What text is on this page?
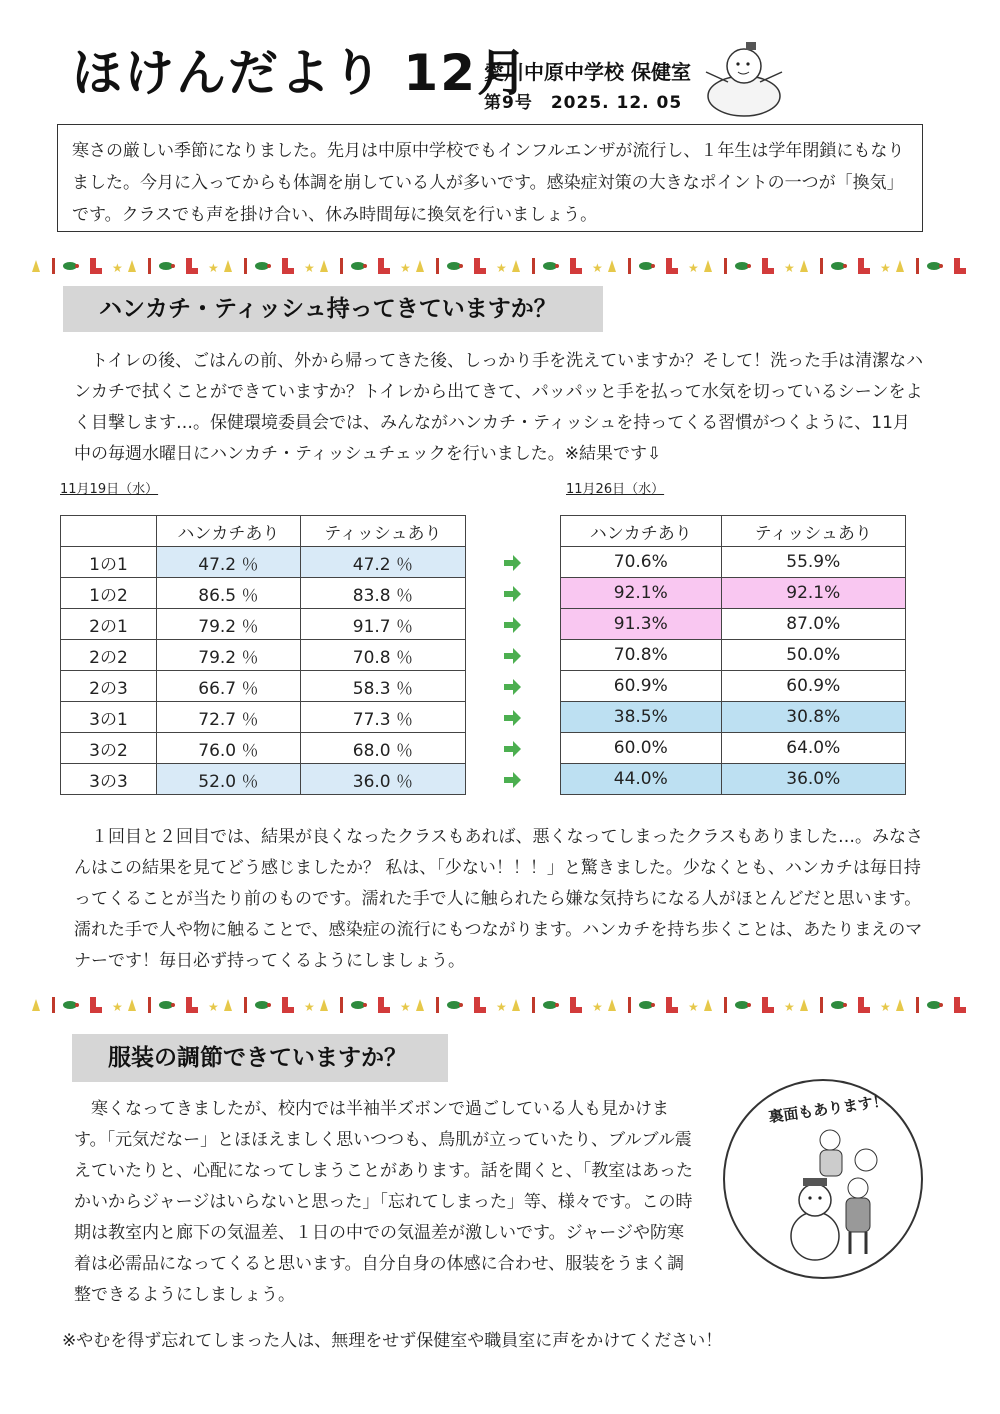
ほけんだより 12月
愛川中原中学校 保健室
第9号　2025. 12. 05
寒さの厳しい季節になりました。先月は中原中学校でもインフルエンザが流行し、１年生は学年閉鎖にもなりました。今月に入ってからも体調を崩している人が多いです。感染症対策の大きなポイントの一つが「換気」です。クラスでも声を掛け合い、休み時間毎に換気を行いましょう。
★
ハンカチ・ティッシュ持ってきていますか？
トイレの後、ごはんの前、外から帰ってきた後、しっかり手を洗えていますか？そして！洗った手は清潔なハンカチで拭くことができていますか？トイレから出てきて、パッパッと手を払って水気を切っているシーンをよく目撃します…。保健環境委員会では、みんながハンカチ・ティッシュを持ってくる習慣がつくように、11月中の毎週水曜日にハンカチ・ティッシュチェックを行いました。※結果です⇩
11月19日（水）	11月26日（水）
	ハンカチあり	ティッシュあり
1の1	47.2 ％	47.2 ％
1の2	86.5 ％	83.8 ％
2の1	79.2 ％	91.7 ％
2の2	79.2 ％	70.8 ％
2の3	66.7 ％	58.3 ％
3の1	72.7 ％	77.3 ％
3の2	76.0 ％	68.0 ％
3の3	52.0 ％	36.0 ％
ハンカチあり	ティッシュあり
70.6%	55.9%
92.1%	92.1%
91.3%	87.0%
70.8%	50.0%
60.9%	60.9%
38.5%	30.8%
60.0%	64.0%
44.0%	36.0%
１回目と２回目では、結果が良くなったクラスもあれば、悪くなってしまったクラスもありました…。みなさんはこの結果を見てどう感じましたか？ 私は、「少ない！！！」と驚きました。少なくとも、ハンカチは毎日持ってくることが当たり前のものです。濡れた手で人に触られたら嫌な気持ちになる人がほとんどだと思います。濡れた手で人や物に触ることで、感染症の流行にもつながります。ハンカチを持ち歩くことは、あたりまえのマナーです！毎日必ず持ってくるようにしましょう。
服装の調節できていますか？
寒くなってきましたが、校内では半袖半ズボンで過ごしている人も見かけます。「元気だなー」とほほえましく思いつつも、鳥肌が立っていたり、ブルブル震えていたりと、心配になってしまうことがあります。話を聞くと、「教室はあったかいからジャージはいらないと思った」「忘れてしまった」等、様々です。この時期は教室内と廊下の気温差、１日の中での気温差が激しいです。ジャージや防寒着は必需品になってくると思います。自分自身の体感に合わせ、服装をうまく調整できるようにしましょう。
裏面もあります！
※やむを得ず忘れてしまった人は、無理をせず保健室や職員室に声をかけてください！
